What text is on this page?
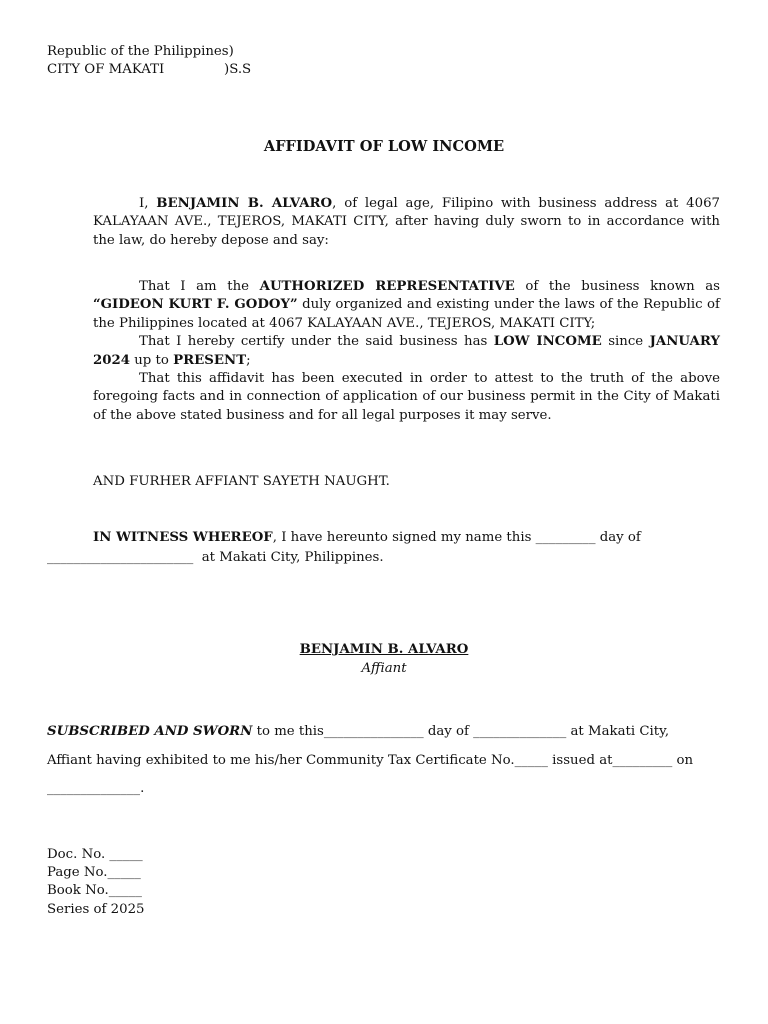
Republic of the Philippines)
CITY OF MAKATI	)S.S
AFFIDAVIT OF LOW INCOME

I, BENJAMIN B. ALVARO, of legal age, Filipino with business address at 4067 KALAYAAN AVE., TEJEROS, MAKATI CITY, after having duly sworn to in accordance with the law, do hereby depose and say:

That I am the AUTHORIZED REPRESENTATIVE of the business known as “GIDEON KURT F. GODOY” duly organized and existing under the laws of the Republic of the Philippines located at 4067 KALAYAAN AVE., TEJEROS, MAKATI CITY;

That I hereby certify under the said business has LOW INCOME since JANUARY 2024 up to PRESENT;

That this affidavit has been executed in order to attest to the truth of the above foregoing facts and in connection of application of our business permit in the City of Makati of the above stated business and for all legal purposes it may serve.

AND FURHER AFFIANT SAYETH NAUGHT.
IN WITNESS WHEREOF, I have hereunto signed my name this _________ day of
______________________  at Makati City, Philippines.
BENJAMIN B. ALVARO
Affiant
SUBSCRIBED AND SWORN to me this_______________ day of ______________ at Makati City,
Affiant having exhibited to me his/her Community Tax Certificate No._____ issued at_________ on
______________.
Doc. No. _____
Page No._____
Book No._____
Series of 2025
